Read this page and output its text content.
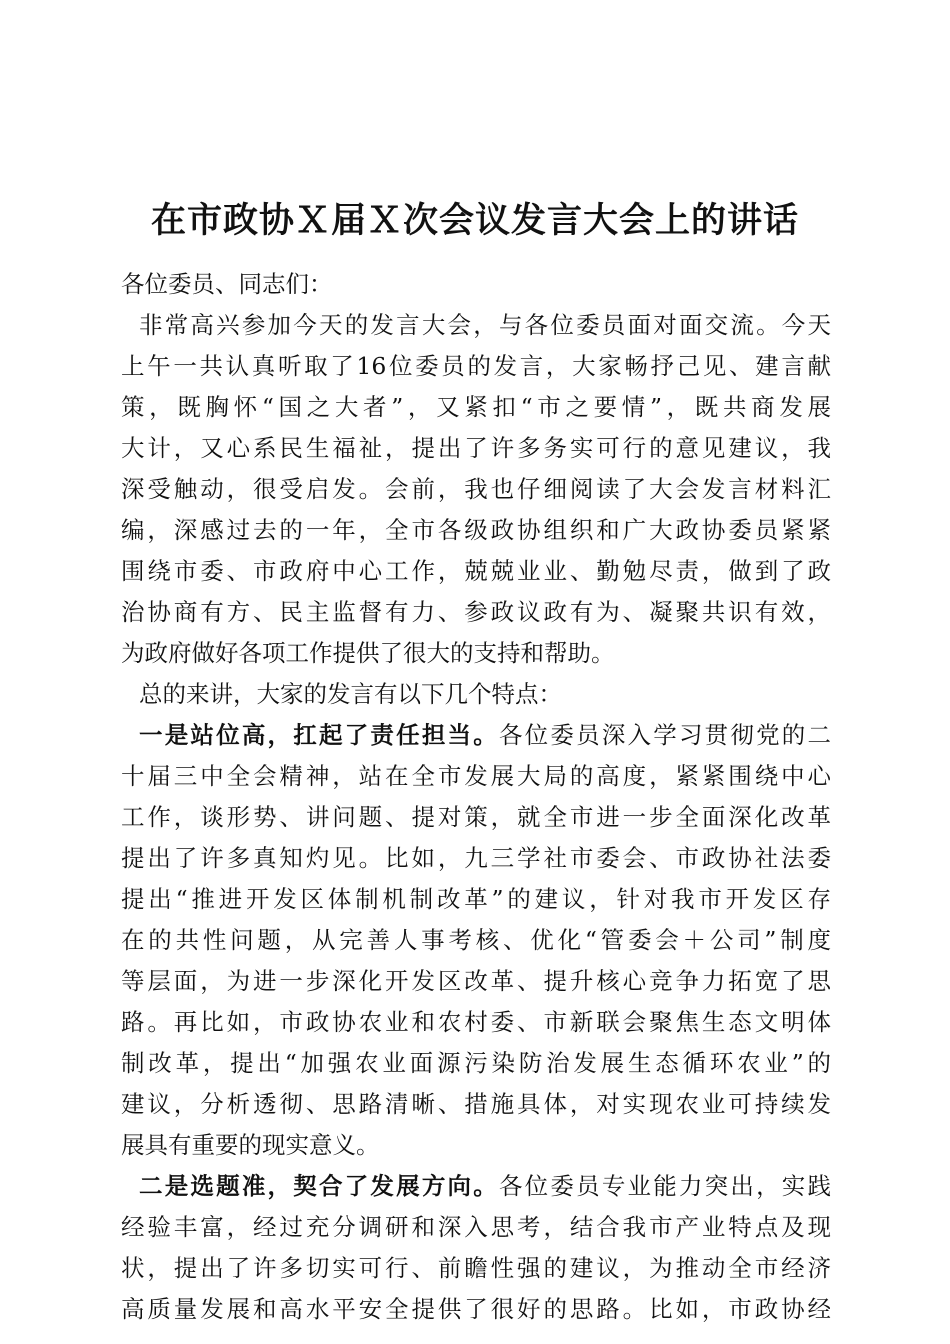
在市政协Ｘ届Ｘ次会议发言大会上的讲话
各位委员、同志们：
非常高兴参加今天的发言大会，与各位委员面对面交流。今天
上午一共认真听取了16位委员的发言，大家畅抒己见、建言献
策，既胸怀“国之大者”，又紧扣“市之要情”，既共商发展
大计，又心系民生福祉，提出了许多务实可行的意见建议，我
深受触动，很受启发。会前，我也仔细阅读了大会发言材料汇
编，深感过去的一年，全市各级政协组织和广大政协委员紧紧
围绕市委、市政府中心工作，兢兢业业、勤勉尽责，做到了政
治协商有方、民主监督有力、参政议政有为、凝聚共识有效，
为政府做好各项工作提供了很大的支持和帮助。
总的来讲，大家的发言有以下几个特点：
一是站位高，扛起了责任担当。各位委员深入学习贯彻党的二
十届三中全会精神，站在全市发展大局的高度，紧紧围绕中心
工作，谈形势、讲问题、提对策，就全市进一步全面深化改革
提出了许多真知灼见。比如，九三学社市委会、市政协社法委
提出“推进开发区体制机制改革”的建议，针对我市开发区存
在的共性问题，从完善人事考核、优化“管委会＋公司”制度
等层面，为进一步深化开发区改革、提升核心竞争力拓宽了思
路。再比如，市政协农业和农村委、市新联会聚焦生态文明体
制改革，提出“加强农业面源污染防治发展生态循环农业”的
建议，分析透彻、思路清晰、措施具体，对实现农业可持续发
展具有重要的现实意义。
二是选题准，契合了发展方向。各位委员专业能力突出，实践
经验丰富，经过充分调研和深入思考，结合我市产业特点及现
状，提出了许多切实可行、前瞻性强的建议，为推动全市经济
高质量发展和高水平安全提供了很好的思路。比如，市政协经
